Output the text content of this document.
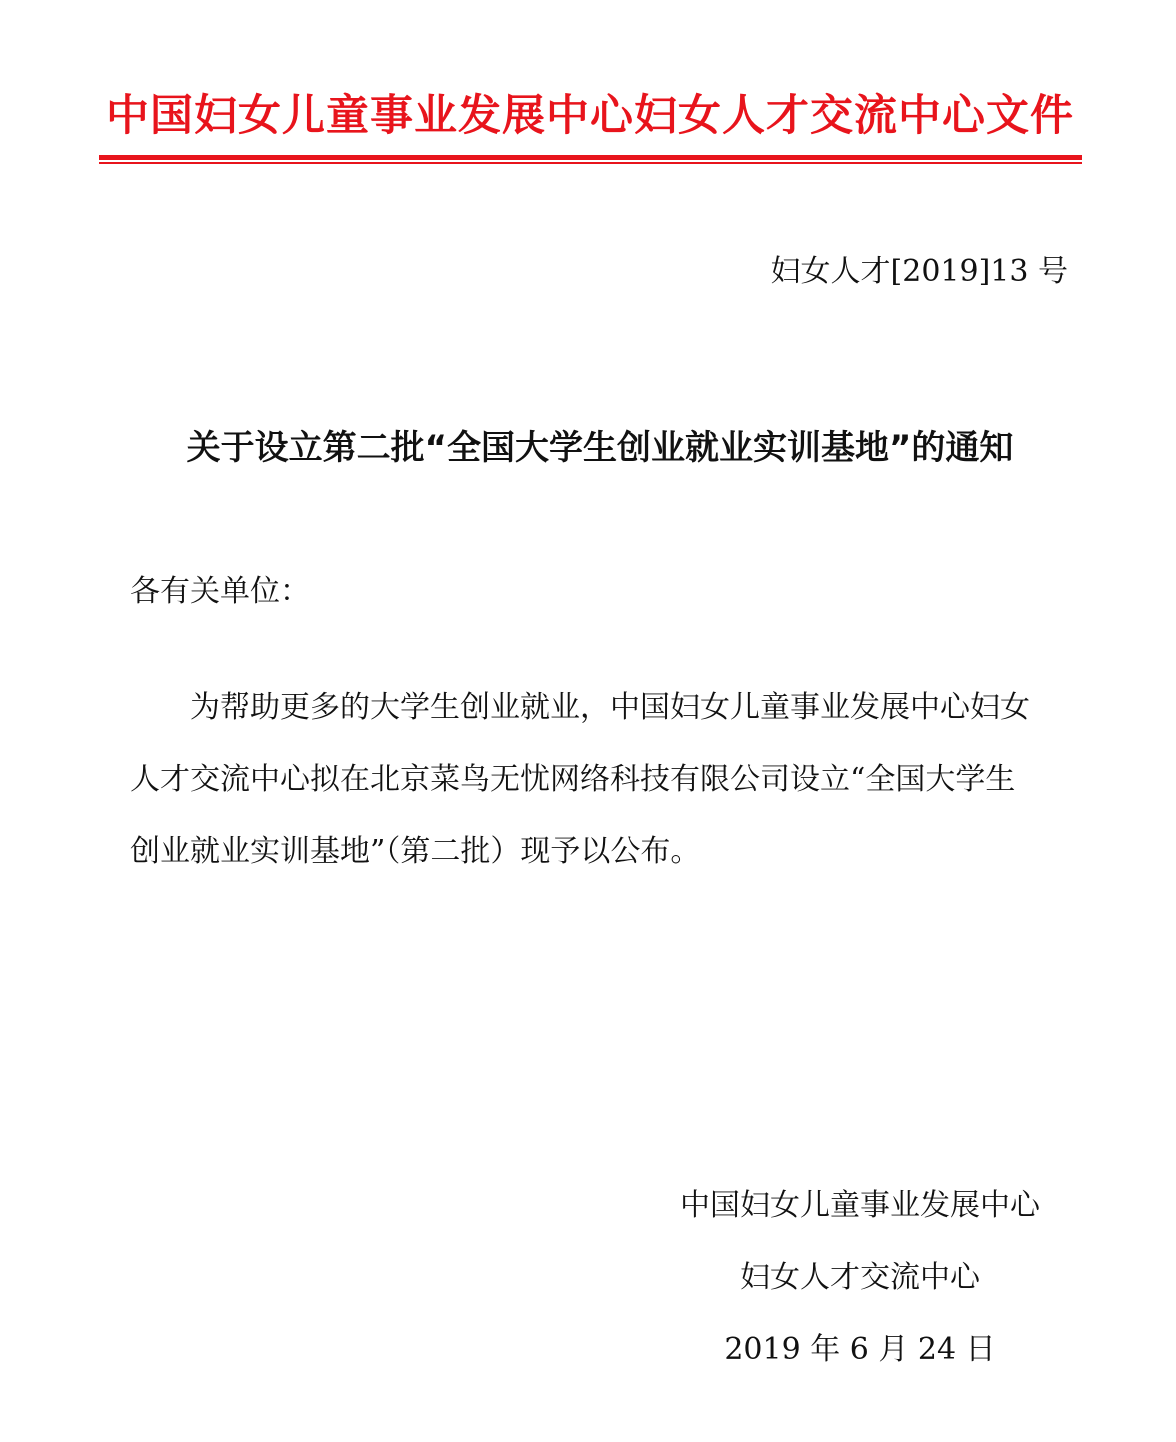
中国妇女儿童事业发展中心妇女人才交流中心文件
妇女人才[2019]13 号
关于设立第二批“全国大学生创业就业实训基地”的通知
各有关单位：
为帮助更多的大学生创业就业，中国妇女儿童事业发展中心妇女
人才交流中心拟在北京菜鸟无忧网络科技有限公司设立“全国大学生
创业就业实训基地”（第二批）现予以公布。
中国妇女儿童事业发展中心
妇女人才交流中心
2019 年 6 月 24 日
